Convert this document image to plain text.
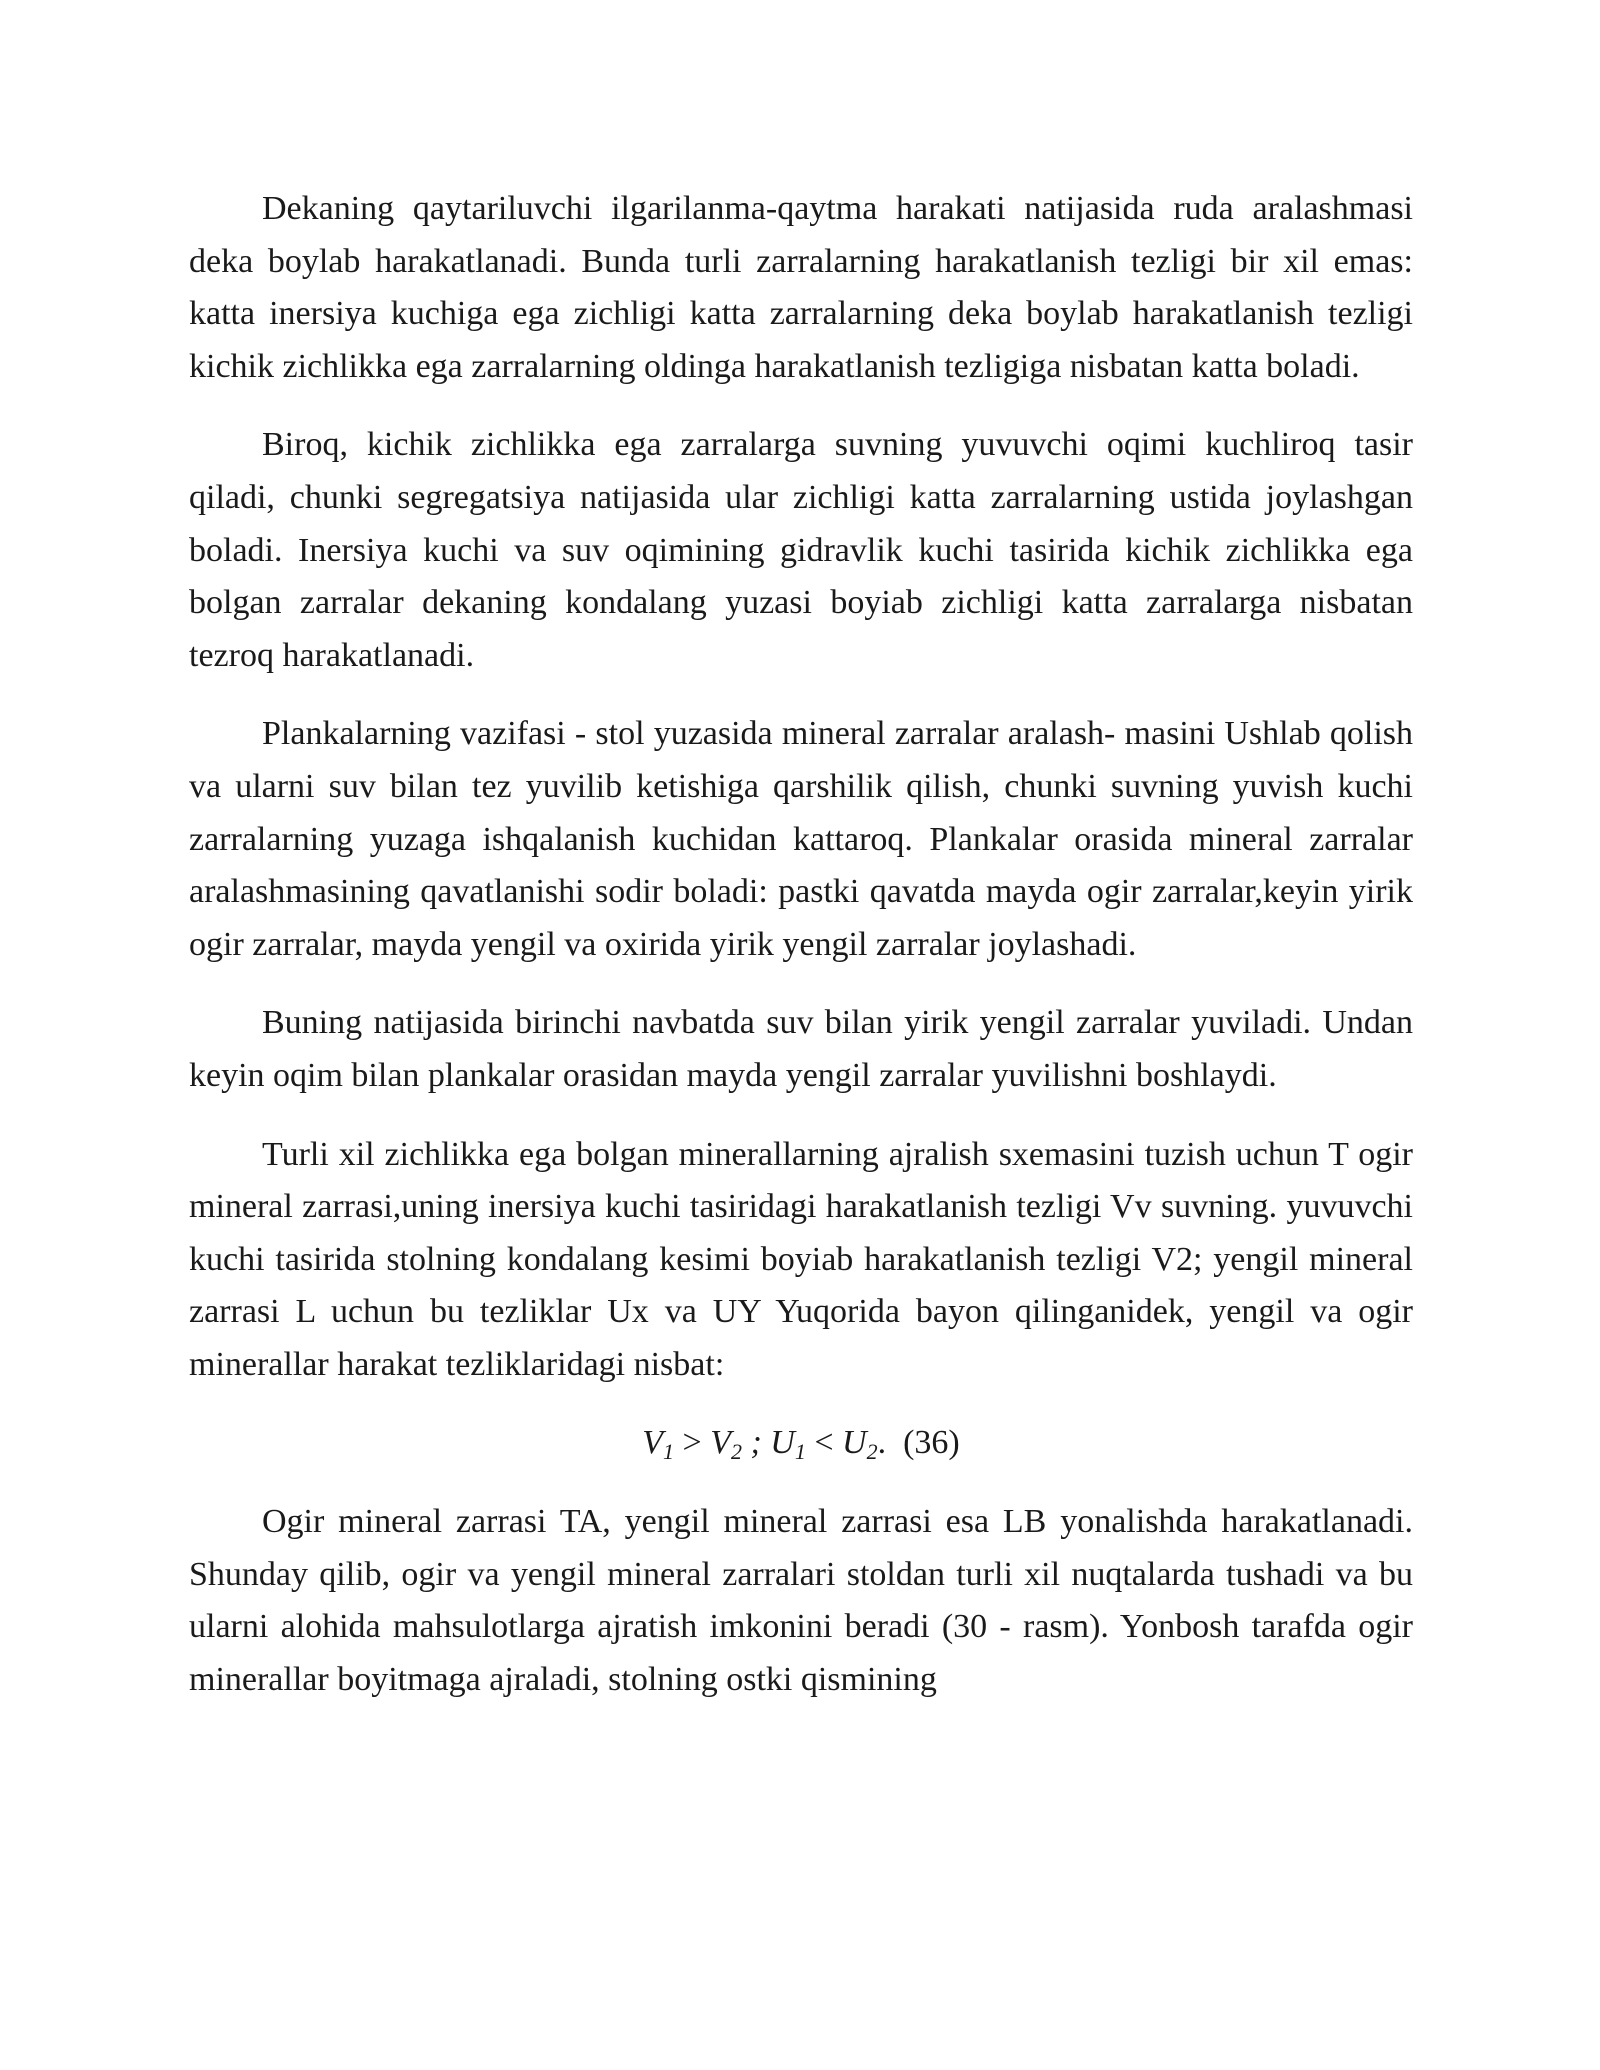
Dekaning qaytariluvchi ilgarilanma-qaytma harakati natijasida ruda aralashmasi deka boylab harakatlanadi. Bunda turli zarralarning harakatlanish tezligi bir xil emas: katta inersiya kuchiga ega zichligi katta zarralarning deka boylab harakatlanish tezligi kichik zichlikka ega zarralarning oldinga harakatlanish tezligiga nisbatan katta boladi.

Biroq, kichik zichlikka ega zarralarga suvning yuvuvchi oqimi kuchliroq tasir qiladi, chunki segregatsiya natijasida ular zichligi katta zarralarning ustida joylashgan boladi. Inersiya kuchi va suv oqimining gidravlik kuchi tasirida kichik zichlikka ega bolgan zarralar dekaning kondalang yuzasi boyiab zichligi katta zarralarga nisbatan tezroq harakatlanadi.

Plankalarning vazifasi - stol yuzasida mineral zarralar aralash- masini Ushlab qolish va ularni suv bilan tez yuvilib ketishiga qarshilik qilish, chunki suvning yuvish kuchi zarralarning yuzaga ishqalanish kuchidan kattaroq. Plankalar orasida mineral zarralar aralashmasining qavatlanishi sodir boladi: pastki qavatda mayda ogir zarralar,keyin yirik ogir zarralar, mayda yengil va oxirida yirik yengil zarralar joylashadi.

Buning natijasida birinchi navbatda suv bilan yirik yengil zarralar yuviladi. Undan keyin oqim bilan plankalar orasidan mayda yengil zarralar yuvilishni boshlaydi.

Turli xil zichlikka ega bolgan minerallarning ajralish sxemasini tuzish uchun T ogir mineral zarrasi,uning inersiya kuchi tasiridagi harakatlanish tezligi Vv suvning. yuvuvchi kuchi tasirida stolning kondalang kesimi boyiab harakatlanish tezligi V2; yengil mineral zarrasi L uchun bu tezliklar Ux va UY Yuqorida bayon qilinganidek, yengil va ogir minerallar harakat tezliklaridagi nisbat:

$V_1 > V_2$ ; $U_1 < U_2$. (36)

Ogir mineral zarrasi TA, yengil mineral zarrasi esa LB yonalishda harakatlanadi. Shunday qilib, ogir va yengil mineral zarralari stoldan turli xil nuqtalarda tushadi va bu ularni alohida mahsulotlarga ajratish imkonini beradi (30 - rasm). Yonbosh tarafda ogir minerallar boyitmaga ajraladi, stolning ostki qismining
